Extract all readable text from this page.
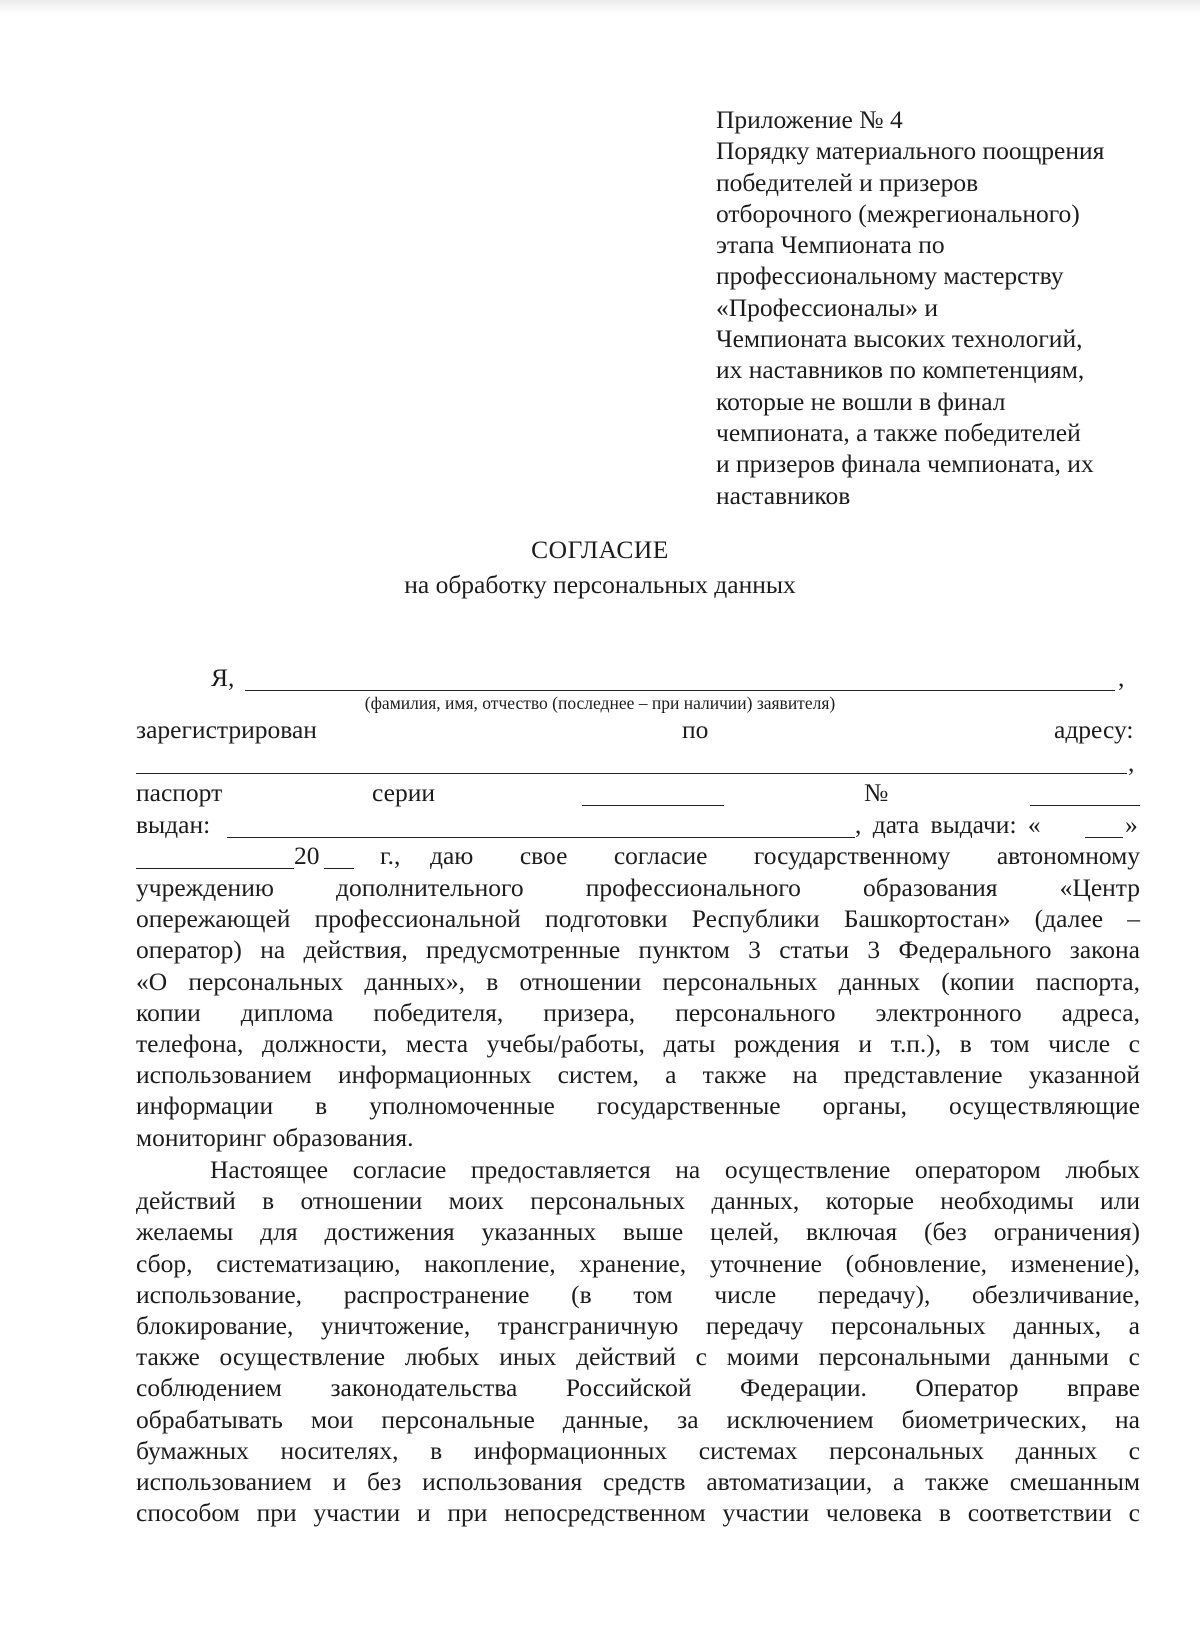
Приложение № 4
Порядку материального поощрения
победителей и призеров
отборочного (межрегионального)
этапа Чемпионата по
профессиональному мастерству
«Профессионалы» и
Чемпионата высоких технологий,
их наставников по компетенциям,
которые не вошли в финал
чемпионата, а также победителей
и призеров финала чемпионата, их
наставников
СОГЛАСИЕ
на обработку персональных данных
Я,	,
(фамилия, имя, отчество (последнее – при наличии) заявителя)
зарегистрирован	по	адресу:
,
паспорт	серии	№
выдан:	, дата выдачи: «	»
20 г., даю свое согласие государственному автономному
учреждению дополнительного профессионального образования «Центр
опережающей профессиональной подготовки Республики Башкортостан» (далее –
оператор) на действия, предусмотренные пунктом 3 статьи 3 Федерального закона
«О персональных данных», в отношении персональных данных (копии паспорта,
копии диплома победителя, призера, персонального электронного адреса,
телефона, должности, места учебы/работы, даты рождения и т.п.), в том числе с
использованием информационных систем, а также на представление указанной
информации в уполномоченные государственные органы, осуществляющие
мониторинг образования.
Настоящее согласие предоставляется на осуществление оператором любых
действий в отношении моих персональных данных, которые необходимы или
желаемы для достижения указанных выше целей, включая (без ограничения)
сбор, систематизацию, накопление, хранение, уточнение (обновление, изменение),
использование, распространение (в том числе передачу), обезличивание,
блокирование, уничтожение, трансграничную передачу персональных данных, а
также осуществление любых иных действий с моими персональными данными с
соблюдением законодательства Российской Федерации. Оператор вправе
обрабатывать мои персональные данные, за исключением биометрических, на
бумажных носителях, в информационных системах персональных данных с
использованием и без использования средств автоматизации, а также смешанным
способом при участии и при непосредственном участии человека в соответствии с
